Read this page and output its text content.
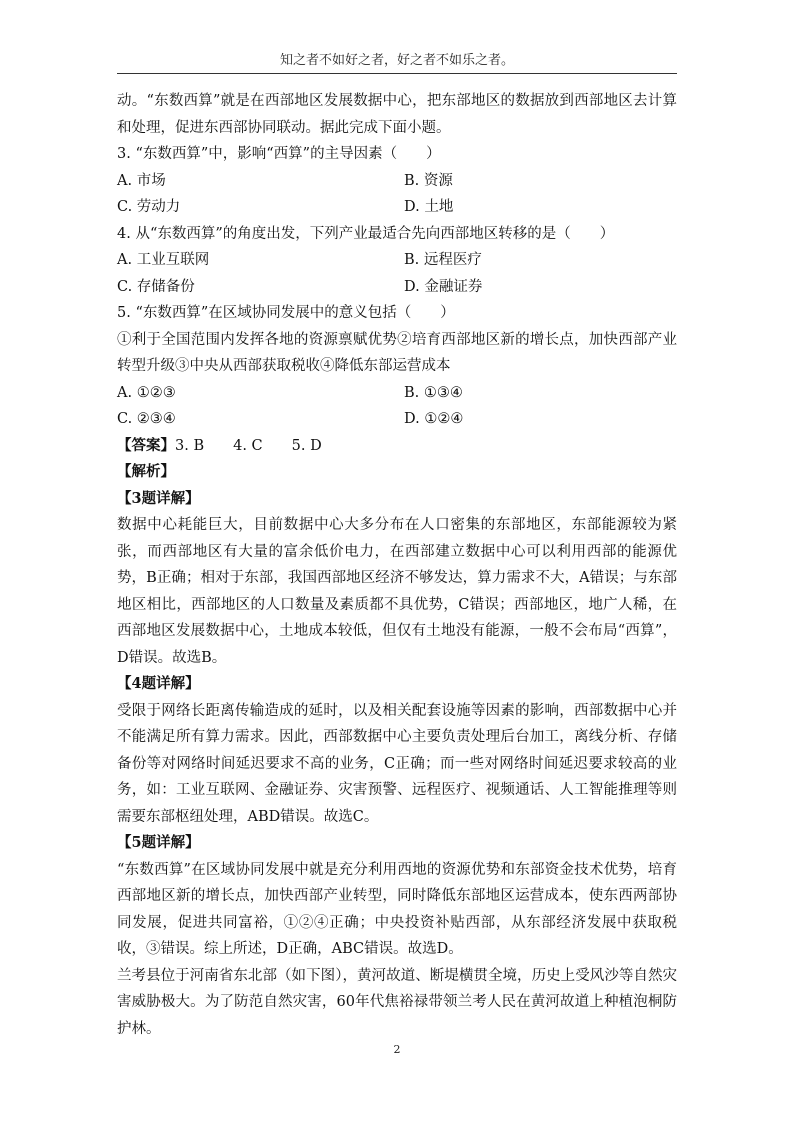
知之者不如好之者，好之者不如乐之者。

动。“东数西算”就是在西部地区发展数据中心，把东部地区的数据放到西部地区去计算和处理，促进东西部协同联动。据此完成下面小题。

3. “东数西算”中，影响“西算”的主导因素（　　）

A. 市场	B. 资源
C. 劳动力	D. 土地

4. 从“东数西算”的角度出发，下列产业最适合先向西部地区转移的是（　　）

A. 工业互联网	B. 远程医疗
C. 存储备份	D. 金融证券

5. “东数西算”在区域协同发展中的意义包括（　　）

①利于全国范围内发挥各地的资源禀赋优势②培育西部地区新的增长点，加快西部产业转型升级③中央从西部获取税收④降低东部运营成本

A. ①②③	B. ①③④
C. ②③④	D. ①②④

【答案】3. B　　4. C　　5. D

【解析】

【3题详解】

数据中心耗能巨大，目前数据中心大多分布在人口密集的东部地区，东部能源较为紧张，而西部地区有大量的富余低价电力，在西部建立数据中心可以利用西部的能源优势，B正确；相对于东部，我国西部地区经济不够发达，算力需求不大，A错误；与东部地区相比，西部地区的人口数量及素质都不具优势，C错误；西部地区，地广人稀，在西部地区发展数据中心，土地成本较低，但仅有土地没有能源，一般不会布局“西算”，D错误。故选B。

【4题详解】

受限于网络长距离传输造成的延时，以及相关配套设施等因素的影响，西部数据中心并不能满足所有算力需求。因此，西部数据中心主要负责处理后台加工，离线分析、存储备份等对网络时间延迟要求不高的业务，C正确；而一些对网络时间延迟要求较高的业务，如：工业互联网、金融证券、灾害预警、远程医疗、视频通话、人工智能推理等则需要东部枢纽处理，ABD错误。故选C。

【5题详解】

“东数西算”在区域协同发展中就是充分利用西地的资源优势和东部资金技术优势，培育西部地区新的增长点，加快西部产业转型，同时降低东部地区运营成本，使东西两部协同发展，促进共同富裕，①②④正确；中央投资补贴西部，从东部经济发展中获取税收，③错误。综上所述，D正确，ABC错误。故选D。

兰考县位于河南省东北部（如下图），黄河故道、断堤横贯全境，历史上受风沙等自然灾害威胁极大。为了防范自然灾害，60年代焦裕禄带领兰考人民在黄河故道上种植泡桐防护林。

2
